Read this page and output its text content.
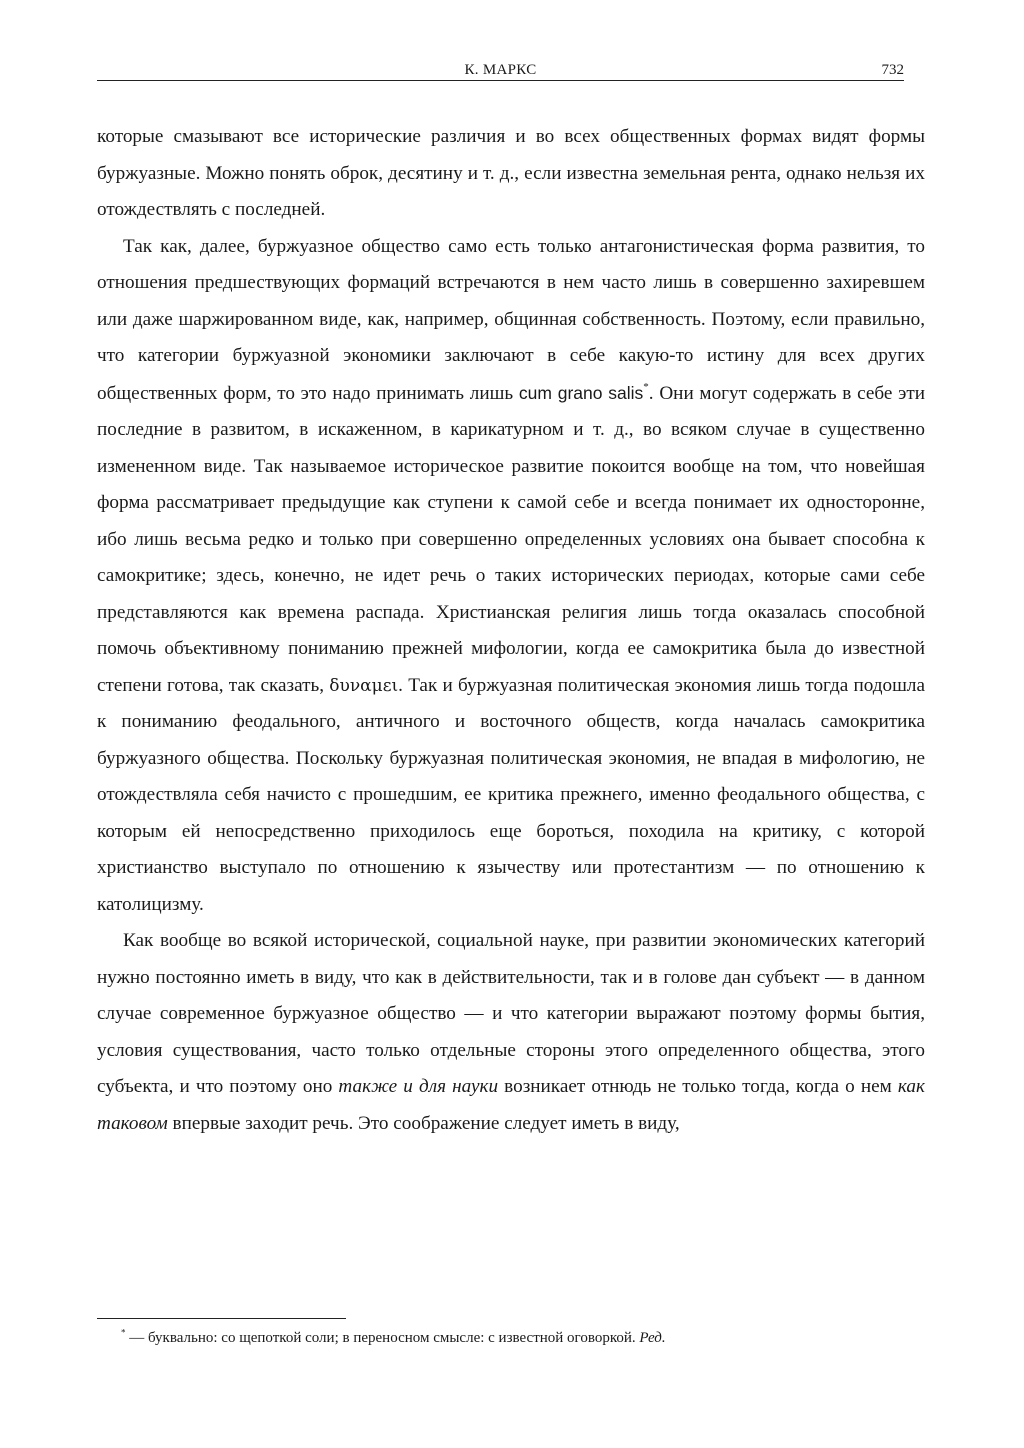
К. МАРКС	732

которые смазывают все исторические различия и во всех общественных формах видят формы буржуазные. Можно понять оброк, десятину и т. д., если известна земельная рента, однако нельзя их отождествлять с последней.

Так как, далее, буржуазное общество само есть только антагонистическая форма развития, то отношения предшествующих формаций встречаются в нем часто лишь в совершенно захиревшем или даже шаржированном виде, как, например, общинная собственность. Поэтому, если правильно, что категории буржуазной экономики заключают в себе какую-то истину для всех других общественных форм, то это надо принимать лишь cum grano salis*. Они могут содержать в себе эти последние в развитом, в искаженном, в карикатурном и т. д., во всяком случае в существенно измененном виде. Так называемое историческое развитие покоится вообще на том, что новейшая форма рассматривает предыдущие как ступени к самой себе и всегда понимает их односторонне, ибо лишь весьма редко и только при совершенно определенных условиях она бывает способна к самокритике; здесь, конечно, не идет речь о таких исторических периодах, которые сами себе представляются как времена распада. Христианская религия лишь тогда оказалась способной помочь объективному пониманию прежней мифологии, когда ее самокритика была до известной степени готова, так сказать, δυναμει. Так и буржуазная политическая экономия лишь тогда подошла к пониманию феодального, античного и восточного обществ, когда началась самокритика буржуазного общества. Поскольку буржуазная политическая экономия, не впадая в мифологию, не отождествляла себя начисто с прошедшим, ее критика прежнего, именно феодального общества, с которым ей непосредственно приходилось еще бороться, походила на критику, с которой христианство выступало по отношению к язычеству или протестантизм — по отношению к католицизму.

Как вообще во всякой исторической, социальной науке, при развитии экономических категорий нужно постоянно иметь в виду, что как в действительности, так и в голове дан субъект — в данном случае современное буржуазное общество — и что категории выражают поэтому формы бытия, условия существования, часто только отдельные стороны этого определенного общества, этого субъекта, и что поэтому оно также и для науки возникает отнюдь не только тогда, когда о нем как таковом впервые заходит речь. Это соображение следует иметь в виду,

* — буквально: со щепоткой соли; в переносном смысле: с известной оговоркой. Ред.
